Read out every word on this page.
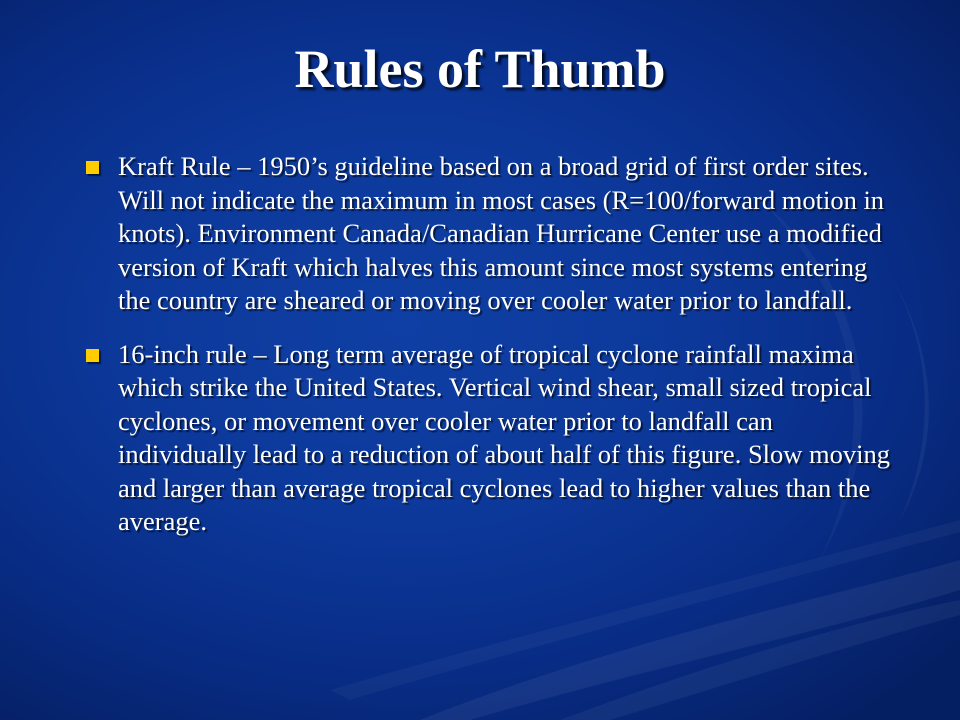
Rules of Thumb
Kraft Rule – 1950’s guideline based on a broad grid of first order sites. Will not indicate the maximum in most cases (R=100/forward motion in knots). Environment Canada/Canadian Hurricane Center use a modified version of Kraft which halves this amount since most systems entering the country are sheared or moving over cooler water prior to landfall.
16-inch rule – Long term average of tropical cyclone rainfall maxima which strike the United States. Vertical wind shear, small sized tropical cyclones, or movement over cooler water prior to landfall can individually lead to a reduction of about half of this figure. Slow moving and larger than average tropical cyclones lead to higher values than the average.
